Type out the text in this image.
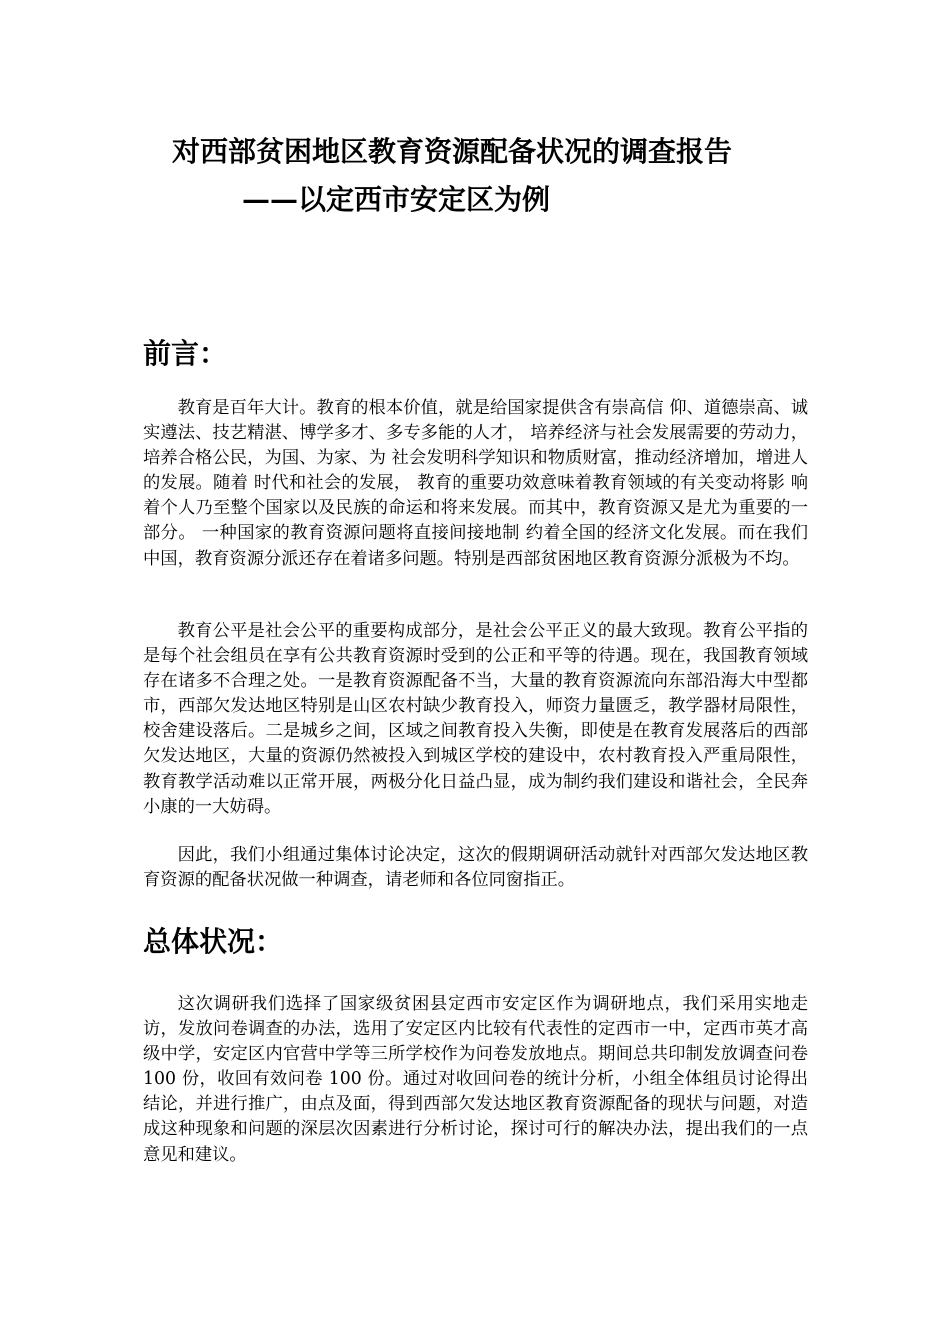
对西部贫困地区教育资源配备状况的调查报告
——以定西市安定区为例
前言：

教育是百年大计。教育的根本价值，就是给国家提供含有崇高信 仰、道德崇高、诚实遵法、技艺精湛、博学多才、多专多能的人才， 培养经济与社会发展需要的劳动力，培养合格公民，为国、为家、为 社会发明科学知识和物质财富，推动经济增加，增进人的发展。随着 时代和社会的发展， 教育的重要功效意味着教育领域的有关变动将影 响着个人乃至整个国家以及民族的命运和将来发展。而其中，教育资源又是尤为重要的一部分。 一种国家的教育资源问题将直接间接地制 约着全国的经济文化发展。而在我们中国，教育资源分派还存在着诸多问题。特别是西部贫困地区教育资源分派极为不均。

教育公平是社会公平的重要构成部分，是社会公平正义的最大致现。教育公平指的是每个社会组员在享有公共教育资源时受到的公正和平等的待遇。现在，我国教育领域存在诸多不合理之处。一是教育资源配备不当，大量的教育资源流向东部沿海大中型都市，西部欠发达地区特别是山区农村缺少教育投入，师资力量匮乏，教学器材局限性，校舍建设落后。二是城乡之间，区域之间教育投入失衡，即使是在教育发展落后的西部欠发达地区，大量的资源仍然被投入到城区学校的建设中，农村教育投入严重局限性，教育教学活动难以正常开展，两极分化日益凸显，成为制约我们建设和谐社会，全民奔小康的一大妨碍。

因此，我们小组通过集体讨论决定，这次的假期调研活动就针对西部欠发达地区教育资源的配备状况做一种调查，请老师和各位同窗指正。

总体状况：

这次调研我们选择了国家级贫困县定西市安定区作为调研地点，我们采用实地走访，发放问卷调查的办法，选用了安定区内比较有代表性的定西市一中，定西市英才高级中学，安定区内官营中学等三所学校作为问卷发放地点。期间总共印制发放调查问卷 100 份，收回有效问卷 100 份。通过对收回问卷的统计分析，小组全体组员讨论得出结论，并进行推广，由点及面，得到西部欠发达地区教育资源配备的现状与问题，对造成这种现象和问题的深层次因素进行分析讨论，探讨可行的解决办法，提出我们的一点意见和建议。
